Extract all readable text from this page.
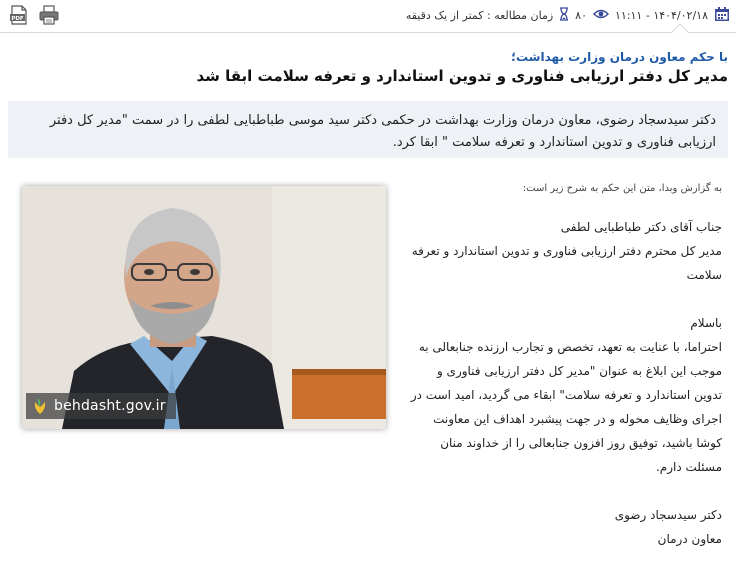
PDF	۱۴۰۴/۰۲/۱۸ - ۱۱:۱۱
۸۰
زمان مطالعه : کمتر از یک دقیقه
با حکم معاون درمان وزارت بهداشت؛
مدیر کل دفتر ارزیابی فناوری و تدوین استاندارد و تعرفه سلامت ابقا شد
دکتر سیدسجاد رضوی، معاون درمان وزارت بهداشت در حکمی دکتر سید موسی طباطبایی لطفی را در سمت "مدیر کل دفتر ارزیابی فناوری و تدوین استاندارد و تعرفه سلامت " ابقا کرد.
behdasht.gov.ir

به گزارش وبدا، متن این حکم به شرح زیر است:

جناب آقای دکتر طباطبایی لطفی

مدیر کل محترم دفتر ارزیابی فناوری و تدوین استاندارد و تعرفه سلامت

باسلام

احتراما، با عنایت به تعهد، تخصص و تجارب ارزنده جنابعالی به موجب این ابلاغ به عنوان "مدیر کل دفتر ارزیابی فناوری و تدوین استاندارد و تعرفه سلامت" ابقاء می گردید، امید است در اجرای وظایف محوله و در جهت پیشبرد اهداف این معاونت کوشا باشید، توفیق روز افزون جنابعالی را از خداوند منان مسئلت دارم.

دکتر سیدسجاد رضوی

معاون درمان
